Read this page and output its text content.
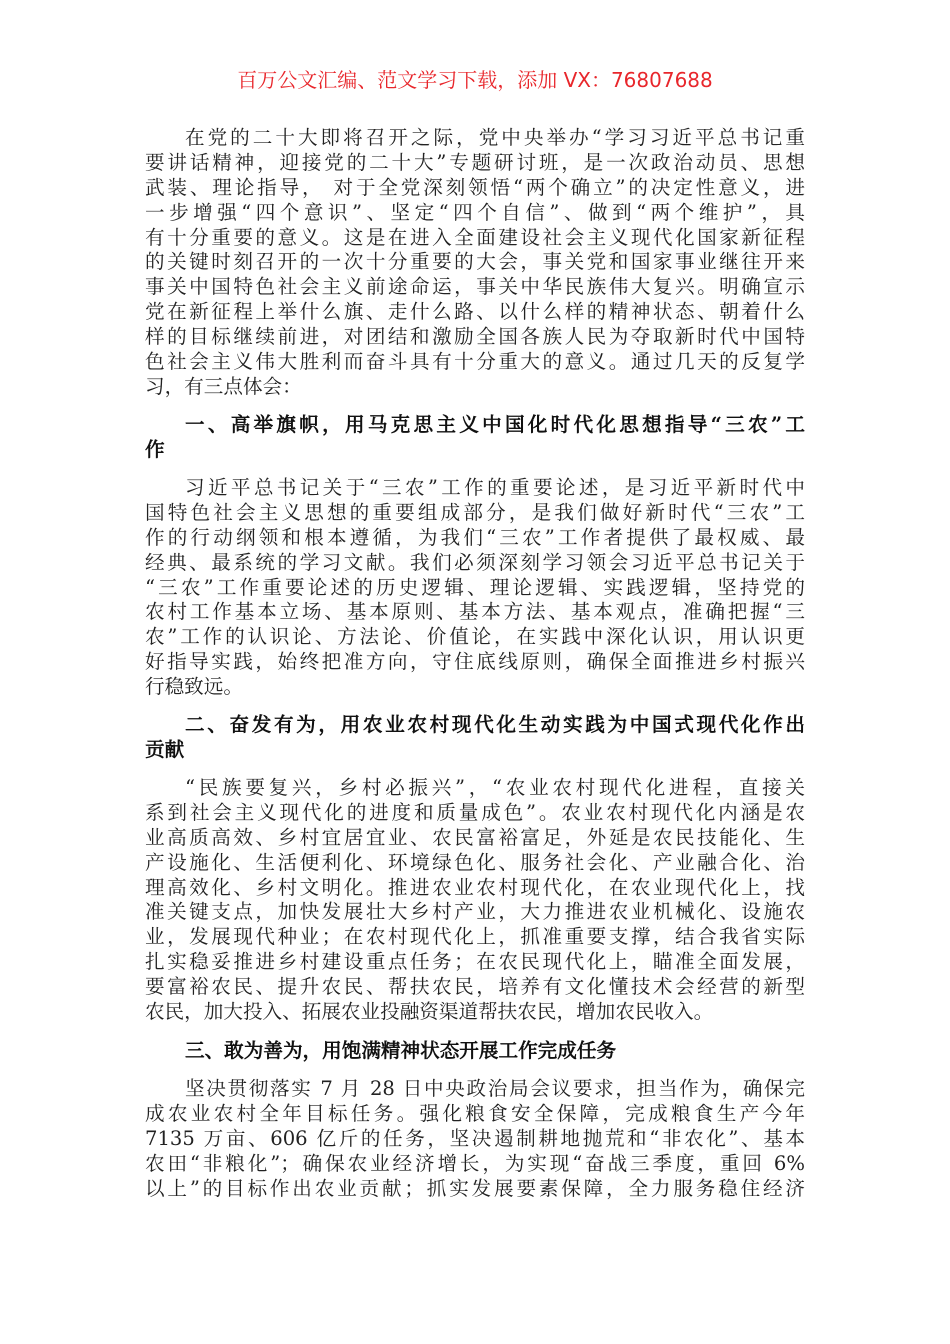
百万公文汇编、范文学习下载，添加 VX：76807688
在党的二十大即将召开之际，党中央举办“学习习近平总书记重
要讲话精神，迎接党的二十大”专题研讨班，是一次政治动员、思想
武装、理论指导， 对于全党深刻领悟“两个确立”的决定性意义，进
一步增强“四个意识”、坚定“四个自信”、做到“两个维护”，具
有十分重要的意义。这是在进入全面建设社会主义现代化国家新征程
的关键时刻召开的一次十分重要的大会，事关党和国家事业继往开来
事关中国特色社会主义前途命运，事关中华民族伟大复兴。明确宣示
党在新征程上举什么旗、走什么路、以什么样的精神状态、朝着什么
样的目标继续前进，对团结和激励全国各族人民为夺取新时代中国特
色社会主义伟大胜利而奋斗具有十分重大的意义。通过几天的反复学
习，有三点体会：
一、高举旗帜，用马克思主义中国化时代化思想指导“三农”工
作
习近平总书记关于“三农”工作的重要论述，是习近平新时代中
国特色社会主义思想的重要组成部分，是我们做好新时代“三农”工
作的行动纲领和根本遵循，为我们“三农”工作者提供了最权威、最
经典、最系统的学习文献。我们必须深刻学习领会习近平总书记关于
“三农”工作重要论述的历史逻辑、理论逻辑、实践逻辑，坚持党的
农村工作基本立场、基本原则、基本方法、基本观点，准确把握“三
农”工作的认识论、方法论、价值论，在实践中深化认识，用认识更
好指导实践，始终把准方向，守住底线原则，确保全面推进乡村振兴
行稳致远。
二、奋发有为，用农业农村现代化生动实践为中国式现代化作出
贡献
“民族要复兴，乡村必振兴”，“农业农村现代化进程，直接关
系到社会主义现代化的进度和质量成色”。农业农村现代化内涵是农
业高质高效、乡村宜居宜业、农民富裕富足，外延是农民技能化、生
产设施化、生活便利化、环境绿色化、服务社会化、产业融合化、治
理高效化、乡村文明化。推进农业农村现代化，在农业现代化上，找
准关键支点，加快发展壮大乡村产业，大力推进农业机械化、设施农
业，发展现代种业；在农村现代化上，抓准重要支撑，结合我省实际
扎实稳妥推进乡村建设重点任务；在农民现代化上，瞄准全面发展，
要富裕农民、提升农民、帮扶农民，培养有文化懂技术会经营的新型
农民，加大投入、拓展农业投融资渠道帮扶农民，增加农民收入。
三、敢为善为，用饱满精神状态开展工作完成任务
坚决贯彻落实 7 月 28 日中央政治局会议要求，担当作为，确保完
成农业农村全年目标任务。强化粮食安全保障，完成粮食生产今年
7135 万亩、606 亿斤的任务，坚决遏制耕地抛荒和“非农化”、基本
农田“非粮化”；确保农业经济增长，为实现“奋战三季度，重回 6%
以上”的目标作出农业贡献；抓实发展要素保障，全力服务稳住经济
